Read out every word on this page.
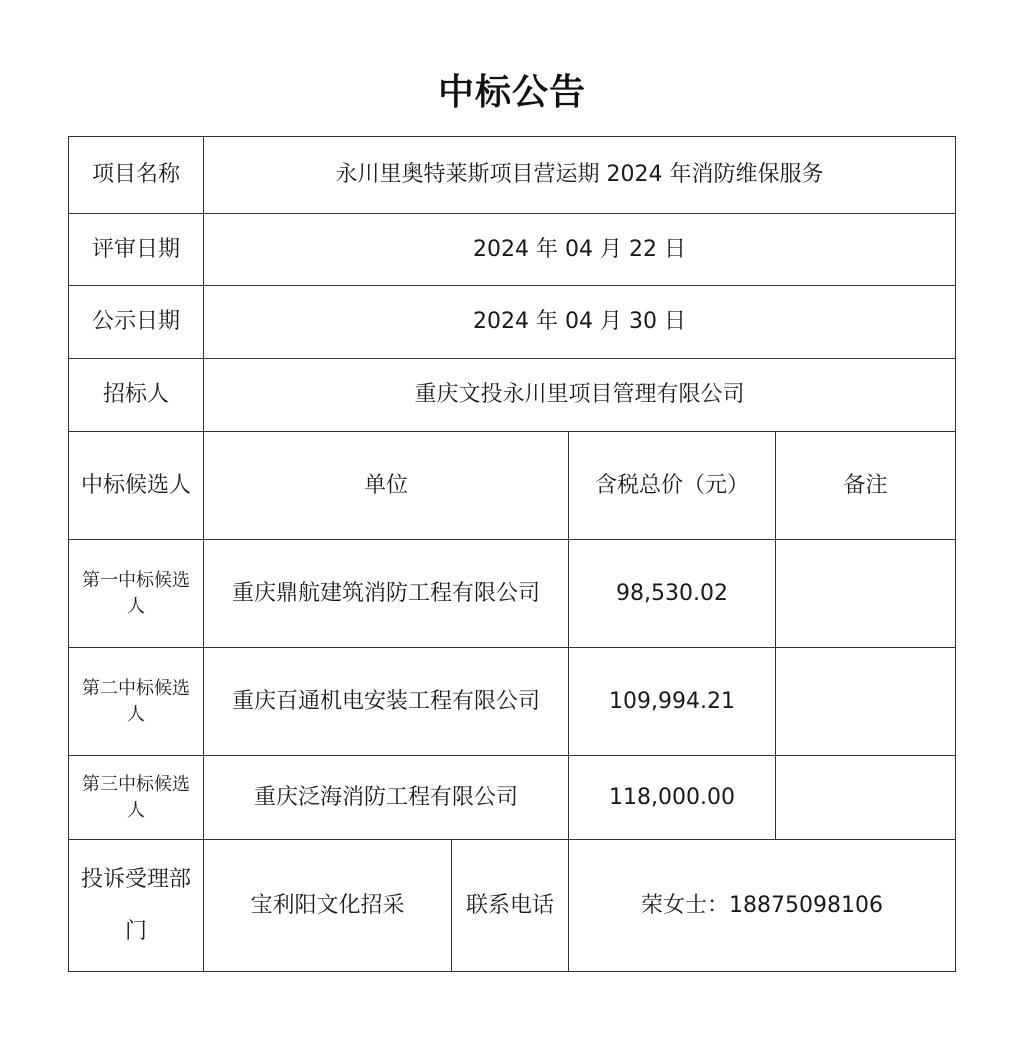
中标公告
项目名称	永川里奥特莱斯项目营运期 2024 年消防维保服务			
评审日期	2024 年 04 月 22 日			
公示日期	2024 年 04 月 30 日			
招标人	重庆文投永川里项目管理有限公司			
中标候选人	单位		含税总价（元）	备注
第一中标候选人	重庆鼎航建筑消防工程有限公司		98,530.02	
第二中标候选人	重庆百通机电安装工程有限公司		109,994.21	
第三中标候选人	重庆泛海消防工程有限公司		118,000.00	
投诉受理部门	宝利阳文化招采	联系电话	荣女士：18875098106	
